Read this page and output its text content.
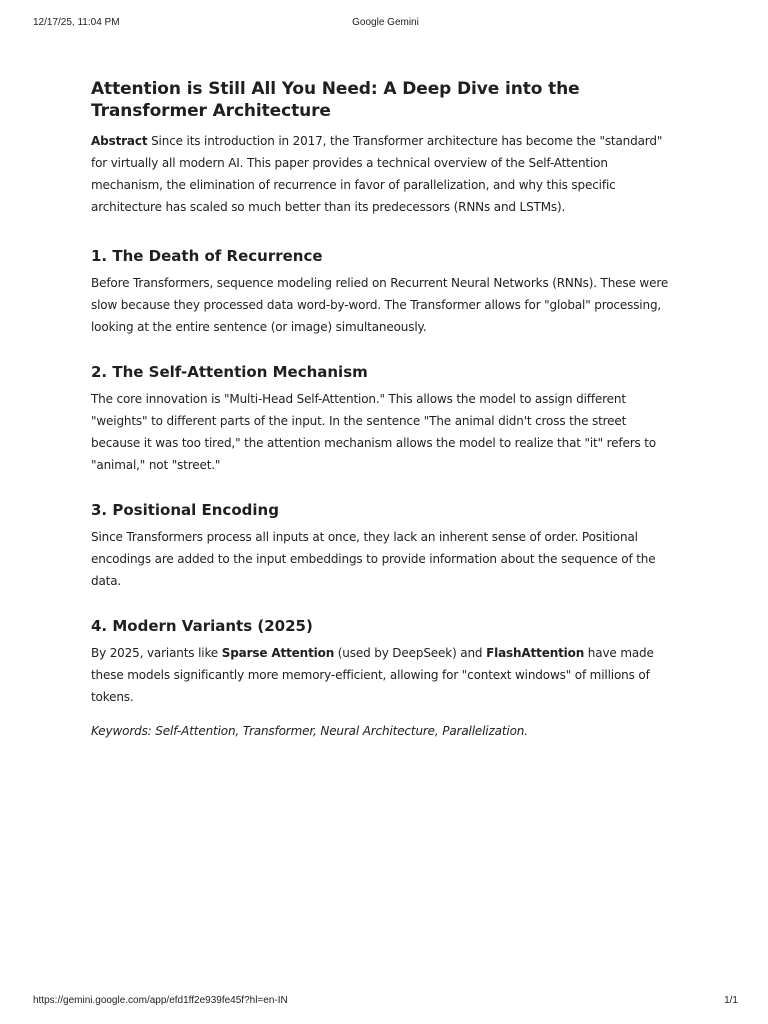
12/17/25, 11:04 PM	Google Gemini
Attention is Still All You Need: A Deep Dive into the Transformer Architecture

Abstract Since its introduction in 2017, the Transformer architecture has become the "standard" for virtually all modern AI. This paper provides a technical overview of the Self-Attention mechanism, the elimination of recurrence in favor of parallelization, and why this specific architecture has scaled so much better than its predecessors (RNNs and LSTMs).

1. The Death of Recurrence

Before Transformers, sequence modeling relied on Recurrent Neural Networks (RNNs). These were slow because they processed data word-by-word. The Transformer allows for "global" processing, looking at the entire sentence (or image) simultaneously.

2. The Self-Attention Mechanism

The core innovation is "Multi-Head Self-Attention." This allows the model to assign different "weights" to different parts of the input. In the sentence "The animal didn't cross the street because it was too tired," the attention mechanism allows the model to realize that "it" refers to "animal," not "street."

3. Positional Encoding

Since Transformers process all inputs at once, they lack an inherent sense of order. Positional encodings are added to the input embeddings to provide information about the sequence of the data.

4. Modern Variants (2025)

By 2025, variants like Sparse Attention (used by DeepSeek) and FlashAttention have made these models significantly more memory-efficient, allowing for "context windows" of millions of tokens.

Keywords: Self-Attention, Transformer, Neural Architecture, Parallelization.

https://gemini.google.com/app/efd1ff2e939fe45f?hl=en-IN	1/1
